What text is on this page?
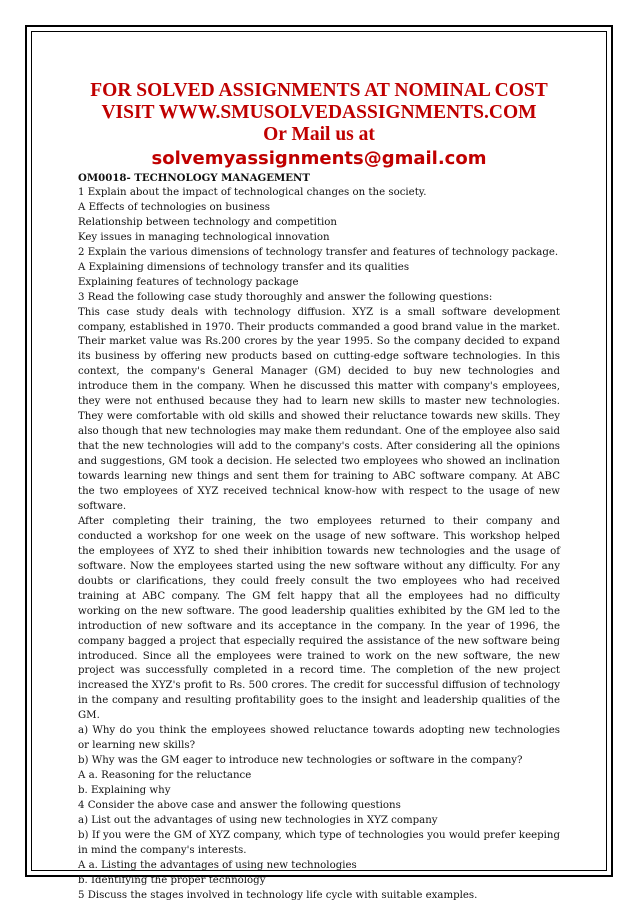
FOR SOLVED ASSIGNMENTS AT NOMINAL COST
VISIT WWW.SMUSOLVEDASSIGNMENTS.COM
Or Mail us at
solvemyassignments@gmail.com
OM0018- TECHNOLOGY MANAGEMENT
1 Explain about the impact of technological changes on the society.
A Effects of technologies on business
Relationship between technology and competition
Key issues in managing technological innovation
2 Explain the various dimensions of technology transfer and features of technology package.
A Explaining dimensions of technology transfer and its qualities
Explaining features of technology package
3 Read the following case study thoroughly and answer the following questions:
This case study deals with technology diffusion. XYZ is a small software development company, established in 1970. Their products commanded a good brand value in the market. Their market value was Rs.200 crores by the year 1995. So the company decided to expand its business by offering new products based on cutting-edge software technologies. In this context, the company's General Manager (GM) decided to buy new technologies and introduce them in the company. When he discussed this matter with company's employees, they were not enthused because they had to learn new skills to master new technologies. They were comfortable with old skills and showed their reluctance towards new skills. They also though that new technologies may make them redundant. One of the employee also said that the new technologies will add to the company's costs. After considering all the opinions and suggestions, GM took a decision. He selected two employees who showed an inclination towards learning new things and sent them for training to ABC software company. At ABC the two employees of XYZ received technical know-how with respect to the usage of new software.
After completing their training, the two employees returned to their company and conducted a workshop for one week on the usage of new software. This workshop helped the employees of XYZ to shed their inhibition towards new technologies and the usage of software. Now the employees started using the new software without any difficulty. For any doubts or clarifications, they could freely consult the two employees who had received training at ABC company. The GM felt happy that all the employees had no difficulty working on the new software. The good leadership qualities exhibited by the GM led to the introduction of new software and its acceptance in the company. In the year of 1996, the company bagged a project that especially required the assistance of the new software being introduced. Since all the employees were trained to work on the new software, the new project was successfully completed in a record time. The completion of the new project increased the XYZ's profit to Rs. 500 crores. The credit for successful diffusion of technology in the company and resulting profitability goes to the insight and leadership qualities of the GM.
a) Why do you think the employees showed reluctance towards adopting new technologies or learning new skills?
b) Why was the GM eager to introduce new technologies or software in the company?
A a. Reasoning for the reluctance
b. Explaining why
4 Consider the above case and answer the following questions
a) List out the advantages of using new technologies in XYZ company
b) If you were the GM of XYZ company, which type of technologies you would prefer keeping in mind the company's interests.
A a. Listing the advantages of using new technologies
b. Identifying the proper technology
5 Discuss the stages involved in technology life cycle with suitable examples.
